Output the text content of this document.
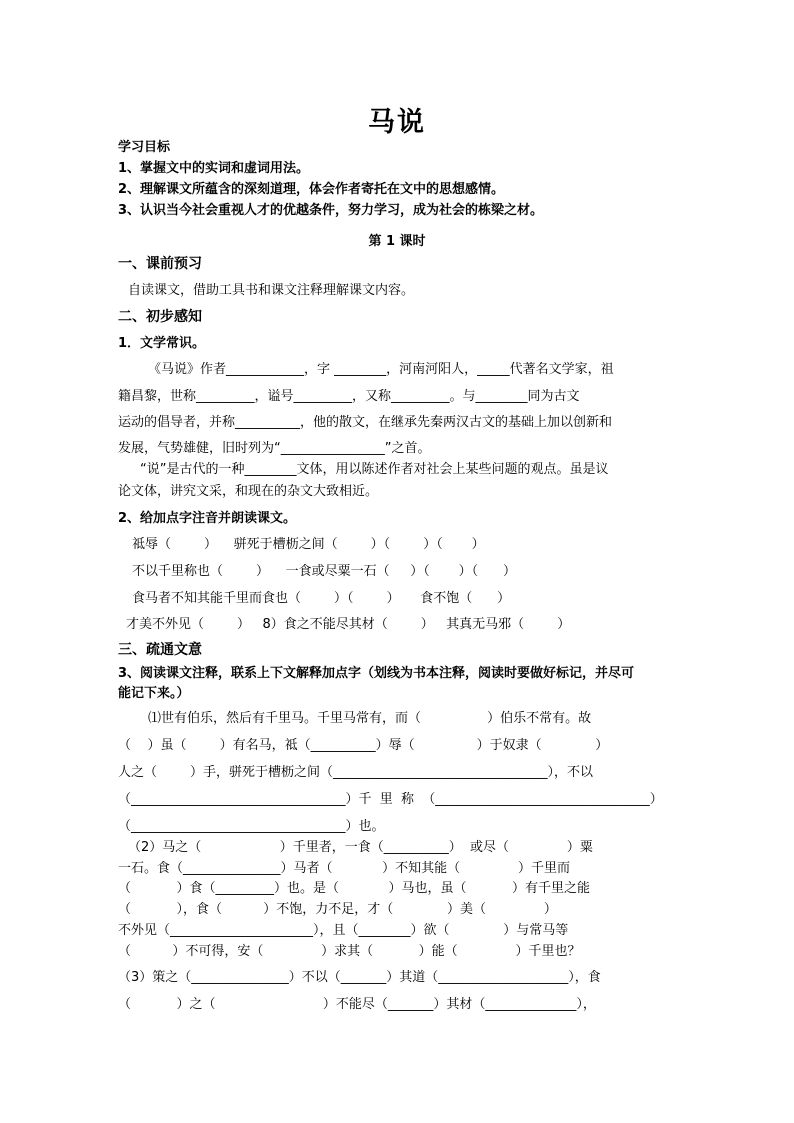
马说
学习目标
1、掌握文中的实词和虚词用法。
2、理解课文所蕴含的深刻道理，体会作者寄托在文中的思想感情。
3、认识当今社会重视人才的优越条件，努力学习，成为社会的栋梁之材。
第 1 课时
一、课前预习
自读课文，借助工具书和课文注释理解课文内容。
二、初步感知
1．文学常识。
《马说》作者____________，字 ________，河南河阳人，_____代著名文学家，祖
籍昌黎，世称_________，谥号_________，又称_________。与________同为古文
运动的倡导者，并称__________，他的散文，在继承先秦两汉古文的基础上加以创新和
发展，气势雄健，旧时列为“________________”之首。
“说”是古代的一种________文体，用以陈述作者对社会上某些问题的观点。虽是议
论文体，讲究文采，和现在的杂文大致相近。
2、给加点字注音并朗读课文。
祗辱（        ）    骈死于槽枥之间（        ）（        ）（       ）
不以千里称也（        ）    一食或尽粟一石（     ）（       ）（      ）
食马者不知其能千里而食也（        ）（        ）     食不饱（      ）
才美不外见（        ）   8）食之不能尽其材（        ）   其真无马邪（        ）
三、疏通文意
3、阅读课文注释，联系上下文解释加点字（划线为书本注释，阅读时要做好标记，并尽可
能记下来。）
⑴世有伯乐，然后有千里马。千里马常有，而（                ）伯乐不常有。故
（    ）虽（        ）有名马，祗（__________）辱（               ）于奴隶（             ）
人之（        ）手，骈死于槽枥之间（_________________________________），不以
（_________________________________）千  里  称  （_________________________________）
（_________________________________）也。
（2）马之（                   ）千里者，一食（__________）  或尽（              ）粟
一石。食（_______________）马者（            ）不知其能（              ）千里而
（           ）食（_________）也。是（            ）马也，虽（           ）有千里之能
（           ），食（          ）不饱，力不足，才（             ）美（              ）
不外见（______________________），且（________）欲（             ）与常马等
（          ）不可得，安（              ）求其（           ）能（              ）千里也？
（3）策之（_______________）不以（_______）其道（____________________），食
（           ）之（                          ）不能尽（_______）其材（______________），
